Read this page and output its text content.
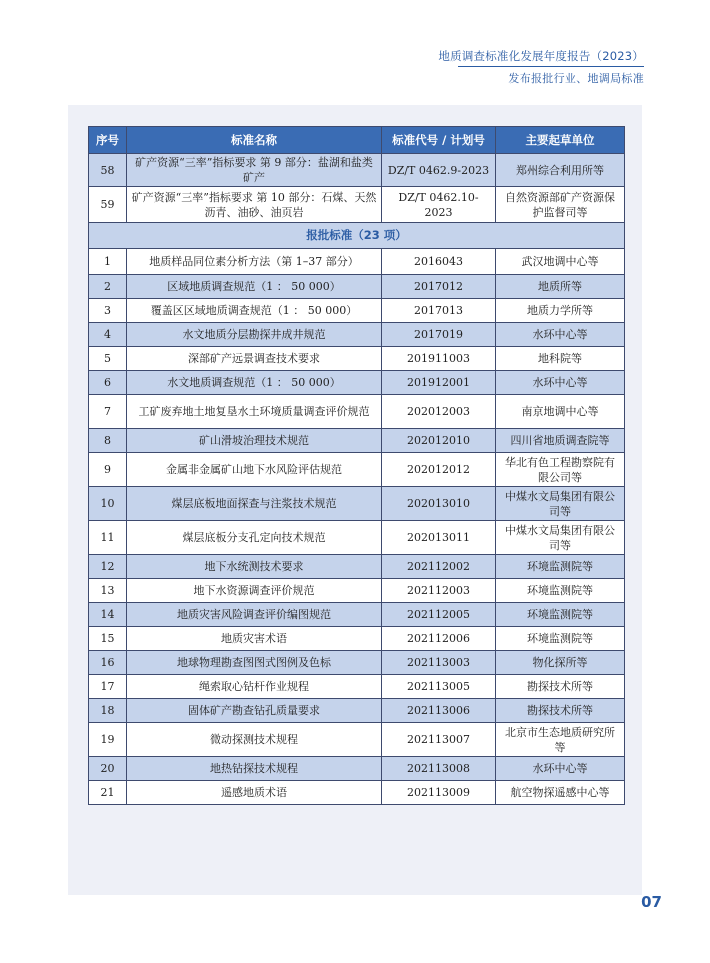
地质调查标准化发展年度报告（2023）
发布报批行业、地调局标准
序号	标准名称	标准代号 / 计划号	主要起草单位
58	矿产资源“三率”指标要求 第 9 部分：盐湖和盐类矿产	DZ/T 0462.9-2023	郑州综合利用所等
59	矿产资源“三率”指标要求 第 10 部分：石煤、天然沥青、油砂、油页岩	DZ/T 0462.10-2023	自然资源部矿产资源保护监督司等
报批标准（23 项）			
1	地质样品同位素分析方法（第 1–37 部分）	2016043	武汉地调中心等
2	区域地质调查规范（1 ： 50 000）	2017012	地质所等
3	覆盖区区域地质调查规范（1 ： 50 000）	2017013	地质力学所等
4	水文地质分层勘探井成井规范	2017019	水环中心等
5	深部矿产远景调查技术要求	201911003	地科院等
6	水文地质调查规范（1 ： 50 000）	201912001	水环中心等
7	工矿废弃地土地复垦水土环境质量调查评价规范	202012003	南京地调中心等
8	矿山滑坡治理技术规范	202012010	四川省地质调查院等
9	金属非金属矿山地下水风险评估规范	202012012	华北有色工程勘察院有限公司等
10	煤层底板地面探查与注浆技术规范	202013010	中煤水文局集团有限公司等
11	煤层底板分支孔定向技术规范	202013011	中煤水文局集团有限公司等
12	地下水统测技术要求	202112002	环境监测院等
13	地下水资源调查评价规范	202112003	环境监测院等
14	地质灾害风险调查评价编图规范	202112005	环境监测院等
15	地质灾害术语	202112006	环境监测院等
16	地球物理勘查图图式图例及色标	202113003	物化探所等
17	绳索取心钻杆作业规程	202113005	勘探技术所等
18	固体矿产勘查钻孔质量要求	202113006	勘探技术所等
19	微动探测技术规程	202113007	北京市生态地质研究所等
20	地热钻探技术规程	202113008	水环中心等
21	遥感地质术语	202113009	航空物探遥感中心等
07
